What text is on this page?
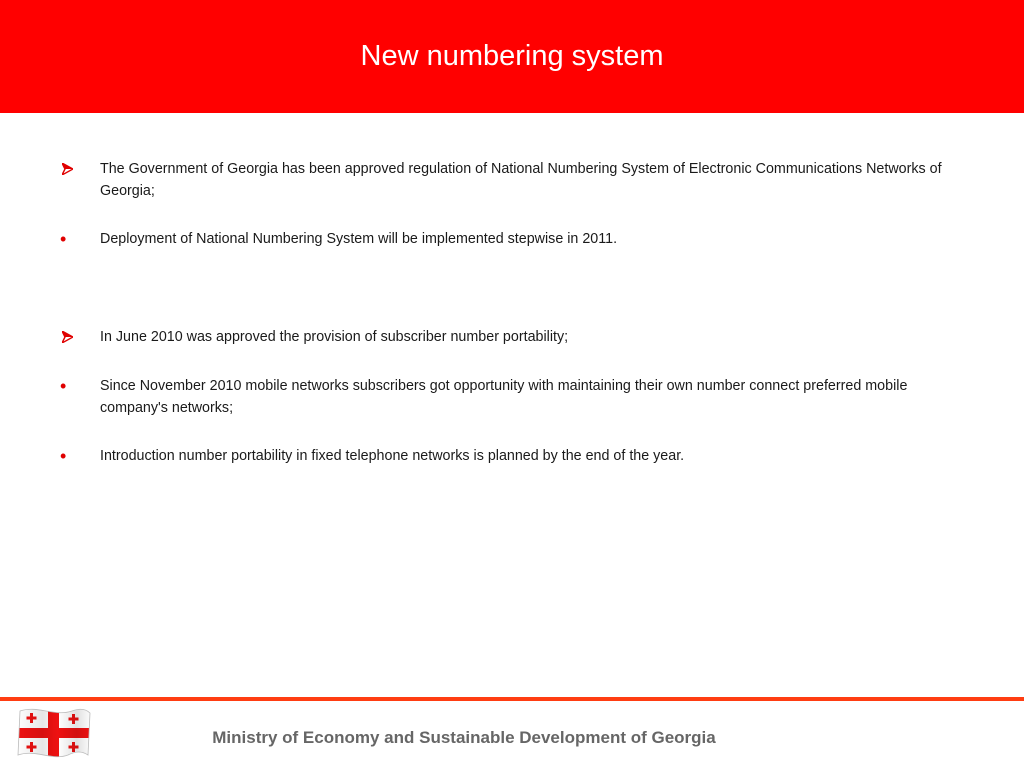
New numbering system
The Government of Georgia has been approved regulation of National Numbering System of Electronic Communications Networks of Georgia;
•	Deployment of National Numbering System will be implemented stepwise in 2011.
In June 2010 was approved the provision of subscriber number portability;
•	Since November 2010 mobile networks subscribers got opportunity with maintaining their own number connect preferred mobile company's networks;
•	Introduction number portability in fixed telephone networks is planned by the end of the year.
Ministry of Economy and Sustainable Development of Georgia
